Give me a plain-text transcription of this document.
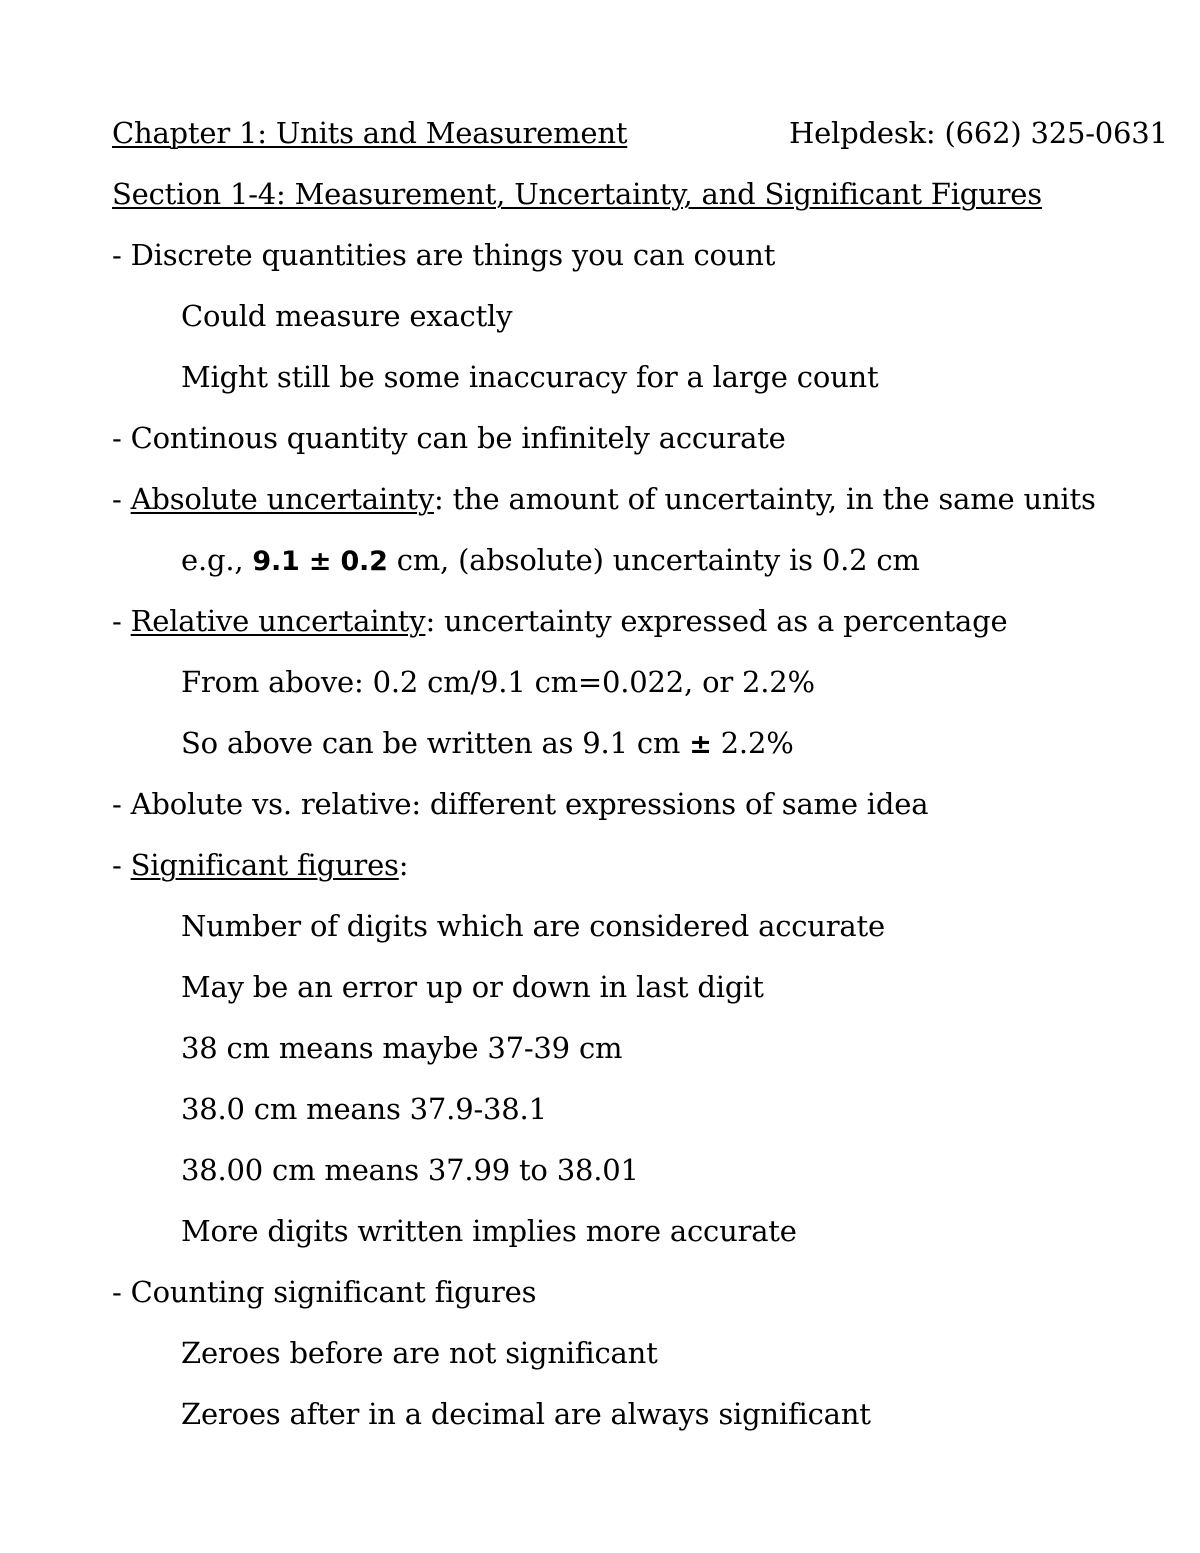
Chapter 1: Units and Measurement	Helpdesk: (662) 325-0631
Section 1-4: Measurement, Uncertainty, and Significant Figures
- Discrete quantities are things you can count
Could measure exactly
Might still be some inaccuracy for a large count
- Continous quantity can be infinitely accurate
- Absolute uncertainty: the amount of uncertainty, in the same units
e.g., 9.1 ± 0.2 cm, (absolute) uncertainty is 0.2 cm
- Relative uncertainty: uncertainty expressed as a percentage
From above: 0.2 cm/9.1 cm=0.022, or 2.2%
So above can be written as 9.1 cm ± 2.2%
- Abolute vs. relative: different expressions of same idea
- Significant figures:
Number of digits which are considered accurate
May be an error up or down in last digit
38 cm means maybe 37-39 cm
38.0 cm means 37.9-38.1
38.00 cm means 37.99 to 38.01
More digits written implies more accurate
- Counting significant figures
Zeroes before are not significant
Zeroes after in a decimal are always significant
